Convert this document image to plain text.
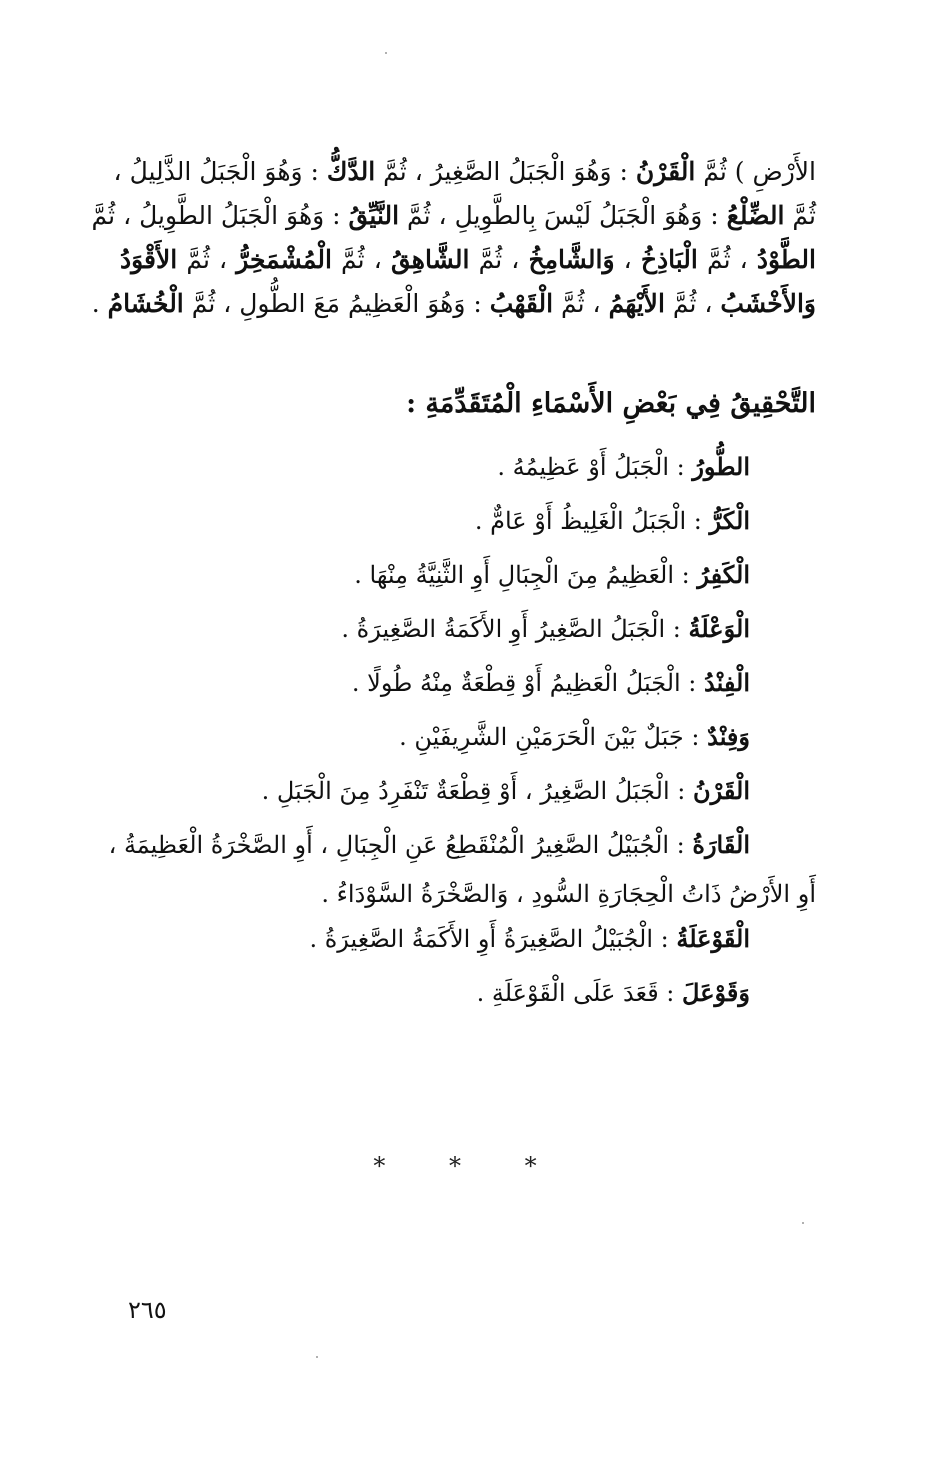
الأَرْضِ ) ثُمَّ الْقَرْنُ : وَهُوَ الْجَبَلُ الصَّغِيرُ ، ثُمَّ الدَّكُّ : وَهُوَ الْجَبَلُ الذَّلِيلُ ،
ثُمَّ الضِّلْعُ : وَهُوَ الْجَبَلُ لَيْسَ بِالطَّوِيلِ ، ثُمَّ النَّيِّقُ : وَهُوَ الْجَبَلُ الطَّوِيلُ ، ثُمَّ
الطَّوْدُ ، ثُمَّ الْبَاذِخُ ، وَالشَّامِخُ ، ثُمَّ الشَّاهِقُ ، ثُمَّ الْمُشْمَخِرُّ ، ثُمَّ الأَقْوَدُ
وَالأَخْشَبُ ، ثُمَّ الأَيْهَمُ ، ثُمَّ الْقَهْبُ : وَهُوَ الْعَظِيمُ مَعَ الطُّولِ ، ثُمَّ الْخُشَامُ .
التَّحْقِيقُ فِي بَعْضِ الأَسْمَاءِ الْمُتَقَدِّمَةِ :
الطُّورُ : الْجَبَلُ أَوْ عَظِيمُهُ .
الْكَرُّ : الْجَبَلُ الْغَلِيظُ أَوْ عَامٌّ .
الْكَفِرُ : الْعَظِيمُ مِنَ الْجِبَالِ أَوِ الثَّنِيَّةُ مِنْهَا .
الْوَعْلَةُ : الْجَبَلُ الصَّغِيرُ أَوِ الأَكَمَةُ الصَّغِيرَةُ .
الْفِنْدُ : الْجَبَلُ الْعَظِيمُ أَوْ قِطْعَةٌ مِنْهُ طُولًا .
وَفِنْدٌ : جَبَلٌ بَيْنَ الْحَرَمَيْنِ الشَّرِيفَيْنِ .
الْقَرْنُ : الْجَبَلُ الصَّغِيرُ ، أَوْ قِطْعَةٌ تَنْفَرِدُ مِنَ الْجَبَلِ .
الْقَارَةُ : الْجُبَيْلُ الصَّغِيرُ الْمُنْقَطِعُ عَنِ الْجِبَالِ ، أَوِ الصَّخْرَةُ الْعَظِيمَةُ ،
أَوِ الأَرْضُ ذَاتُ الْحِجَارَةِ السُّودِ ، وَالصَّخْرَةُ السَّوْدَاءُ .
الْقَوْعَلَةُ : الْجُبَيْلُ الصَّغِيرَةُ أَوِ الأَكَمَةُ الصَّغِيرَةُ .
وَقَوْعَلَ : قَعَدَ عَلَى الْقَوْعَلَةِ .
* * *
٢٦٥
